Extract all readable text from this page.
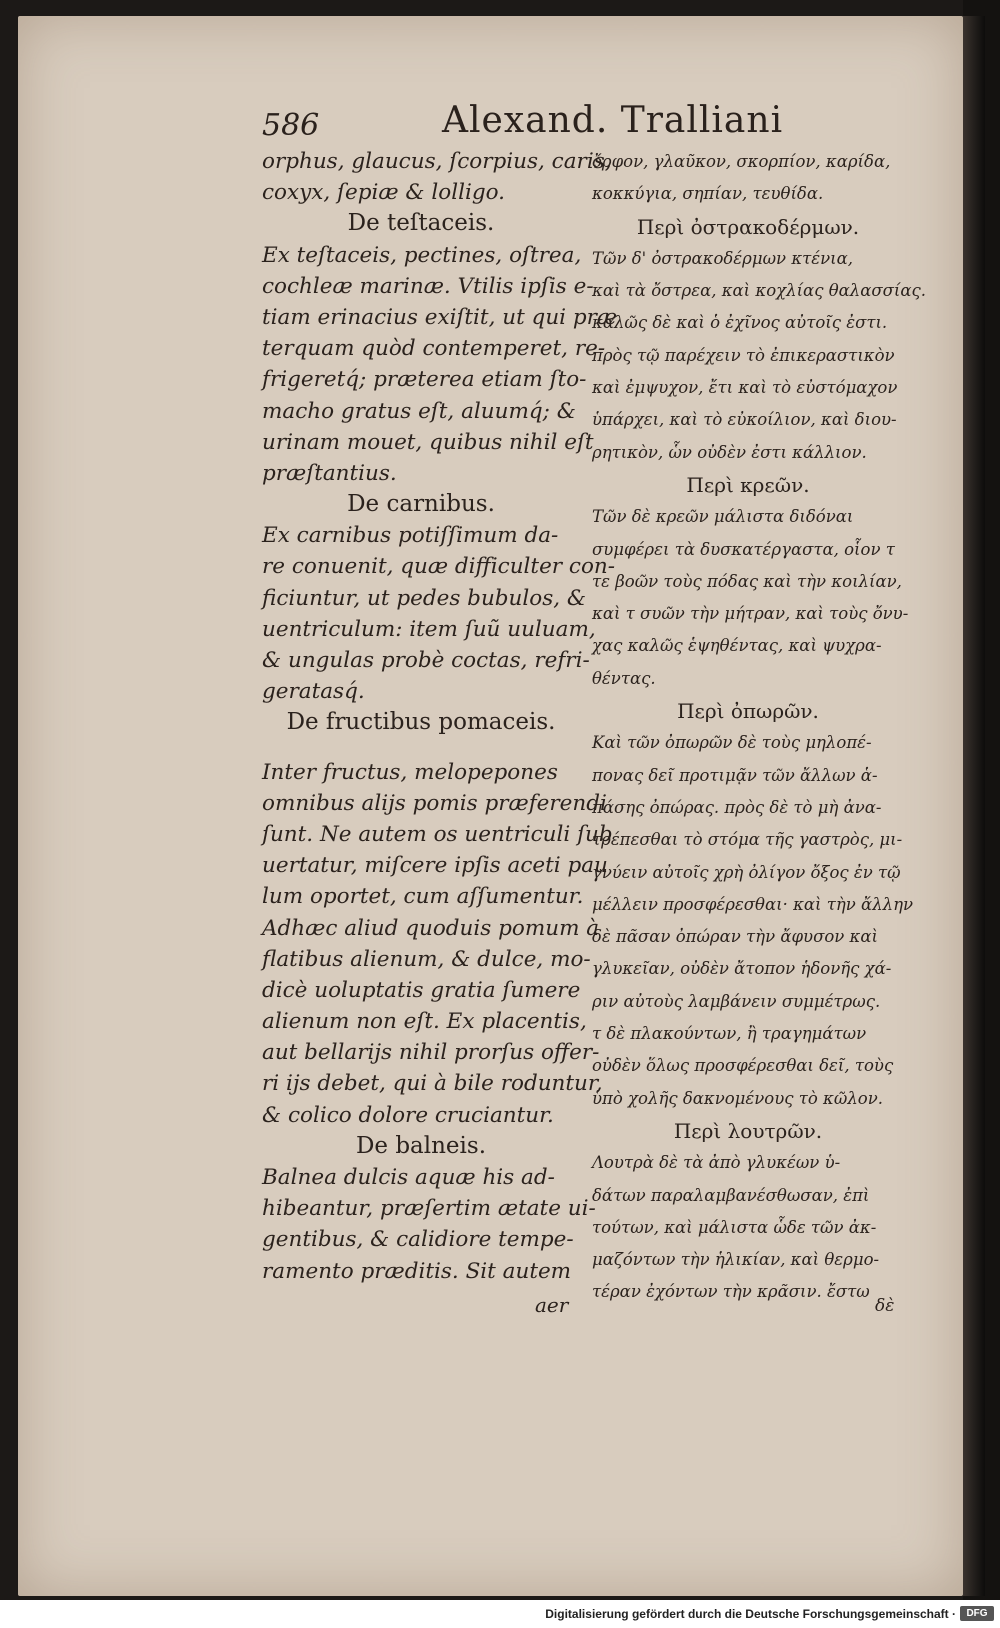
586	Alexand. Tralliani
orphus, glaucus, ſcorpius, caris,
coxyx, ſepiæ & lolligo.
De teſtaceis.
Ex teſtaceis, pectines, oſtrea,
cochleæ marinæ. Vtilis ipſis e-
tiam erinacius exiſtit, ut qui præ
terquam quòd contemperet, re-
frigeretq́; præterea etiam ſto-
macho gratus eſt, aluumq́; &
urinam mouet, quibus nihil eſt
præſtantius.
De carnibus.
Ex carnibus potiſſimum da-
re conuenit, quæ difficulter con-
ficiuntur, ut pedes bubulos, &
uentriculum: item ſuũ uuluam,
& ungulas probè coctas, refri-
geratasq́.
De fructibus pomaceis.
Inter fructus, melopepones
omnibus alijs pomis præferendi
ſunt. Ne autem os uentriculi ſub
uertatur, miſcere ipſis aceti pau
lum oportet, cum aſſumentur.
Adhæc aliud quoduis pomum à
flatibus alienum, & dulce, mo-
dicè uoluptatis gratia ſumere
alienum non eſt. Ex placentis,
aut bellarijs nihil prorſus offer-
ri ijs debet, qui à bile roduntur,
& colico dolore cruciantur.
De balneis.
Balnea dulcis aquæ his ad-
hibeantur, præſertim ætate ui-
gentibus, & calidiore tempe-
ramento præditis. Sit autem
ὄρφον, γλαῦκον, σκορπίον, καρίδα,
κοκκύγια, σηπίαν, τευθίδα.
Περὶ ὀστρακοδέρμων.
Τῶν δ' ὀστρακοδέρμων κτένια,
καὶ τὰ ὄστρεα, καὶ κοχλίας θαλασσίας.
καλῶς δὲ καὶ ὁ ἐχῖνος αὐτοῖς ἐστι.
πρὸς τῷ παρέχειν τὸ ἐπικεραστικὸν
καὶ ἐμψυχον, ἔτι καὶ τὸ εὐστόμαχον
ὑπάρχει, καὶ τὸ εὐκοίλιον, καὶ διου-
ρητικὸν, ὧν οὐδὲν ἐστι κάλλιον.
Περὶ κρεῶν.
Τῶν δὲ κρεῶν μάλιστα διδόναι
συμφέρει τὰ δυσκατέργαστα, οἷον τ
τε βοῶν τοὺς πόδας καὶ τὴν κοιλίαν,
καὶ τ συῶν τὴν μήτραν, καὶ τοὺς ὄνυ-
χας καλῶς ἑψηθέντας, καὶ ψυχρα-
θέντας.
Περὶ ὀπωρῶν.
Καὶ τῶν ὀπωρῶν δὲ τοὺς μηλοπέ-
πονας δεῖ προτιμᾷν τῶν ἄλλων ἁ-
πάσης ὀπώρας. πρὸς δὲ τὸ μὴ ἀνα-
τρέπεσθαι τὸ στόμα τῆς γαστρὸς, μι-
γνύειν αὐτοῖς χρὴ ὀλίγον ὄξος ἐν τῷ
μέλλειν προσφέρεσθαι· καὶ τὴν ἄλλην
δὲ πᾶσαν ὀπώραν τὴν ἄφυσον καὶ
γλυκεῖαν, οὐδὲν ἄτοπον ἡδονῆς χά-
ριν αὐτοὺς λαμβάνειν συμμέτρως.
τ δὲ πλακούντων, ἢ τραγημάτων
οὐδὲν ὅλως προσφέρεσθαι δεῖ, τοὺς
ὑπὸ χολῆς δακνομένους τὸ κῶλον.
Περὶ λουτρῶν.
Λουτρὰ δὲ τὰ ἀπὸ γλυκέων ὑ-
δάτων παραλαμβανέσθωσαν, ἐπὶ
τούτων, καὶ μάλιστα ὧδε τῶν ἀκ-
μαζόντων τὴν ἡλικίαν, καὶ θερμο-
τέραν ἐχόντων τὴν κρᾶσιν. ἔστω
aer	δὲ
Digitalisierung gefördert durch die Deutsche Forschungsgemeinschaft ·	DFG
